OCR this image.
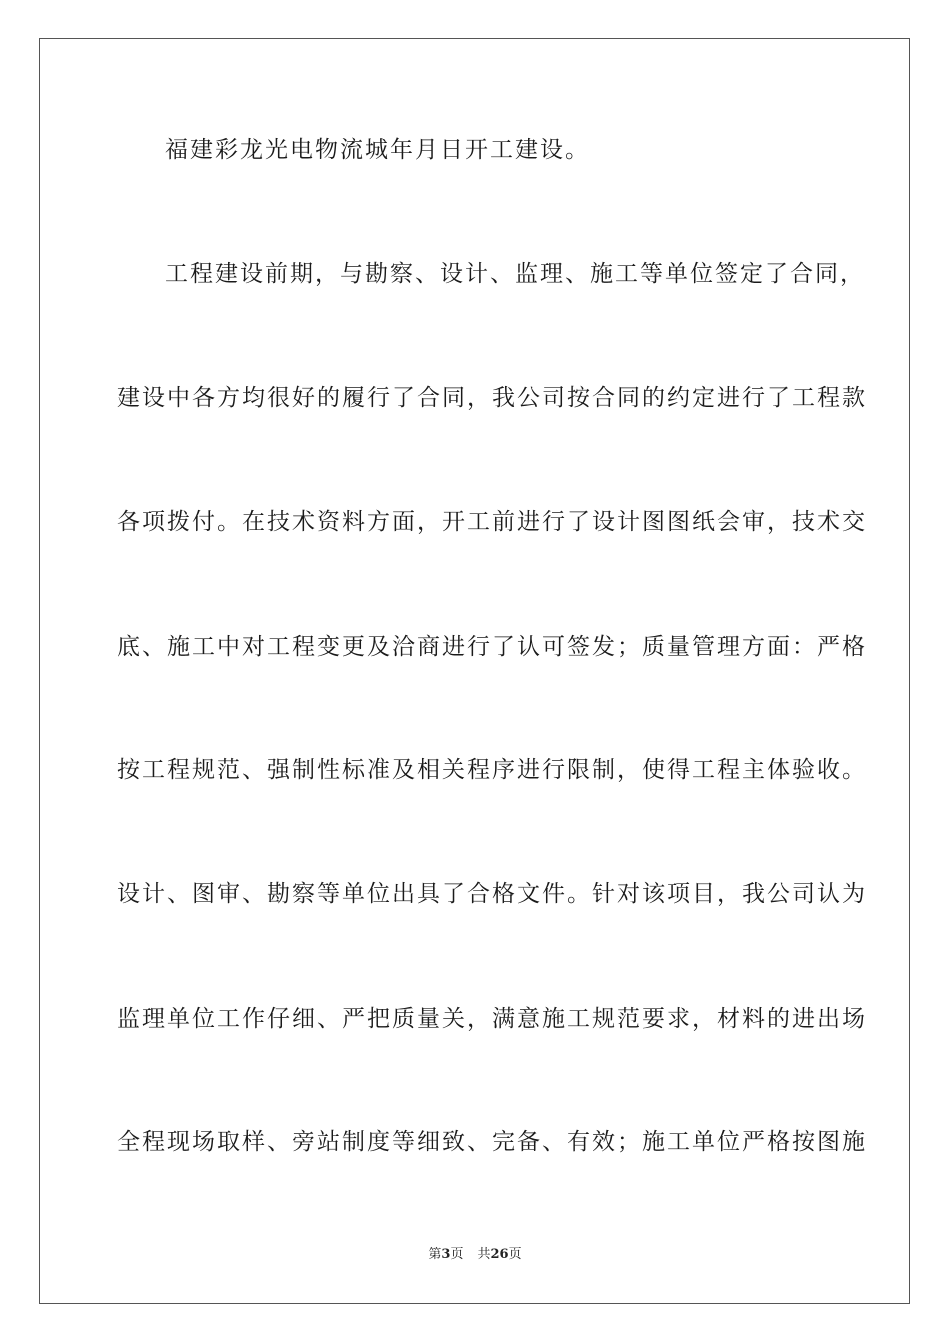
福建彩龙光电物流城年月日开工建设。
工程建设前期，与勘察、设计、监理、施工等单位签定了合同，
建设中各方均很好的履行了合同，我公司按合同的约定进行了工程款
各项拨付。在技术资料方面，开工前进行了设计图图纸会审，技术交
底、施工中对工程变更及洽商进行了认可签发；质量管理方面：严格
按工程规范、强制性标准及相关程序进行限制，使得工程主体验收。
设计、图审、勘察等单位出具了合格文件。针对该项目，我公司认为
监理单位工作仔细、严把质量关，满意施工规范要求，材料的进出场
全程现场取样、旁站制度等细致、完备、有效；施工单位严格按图施
第3页 共26页
